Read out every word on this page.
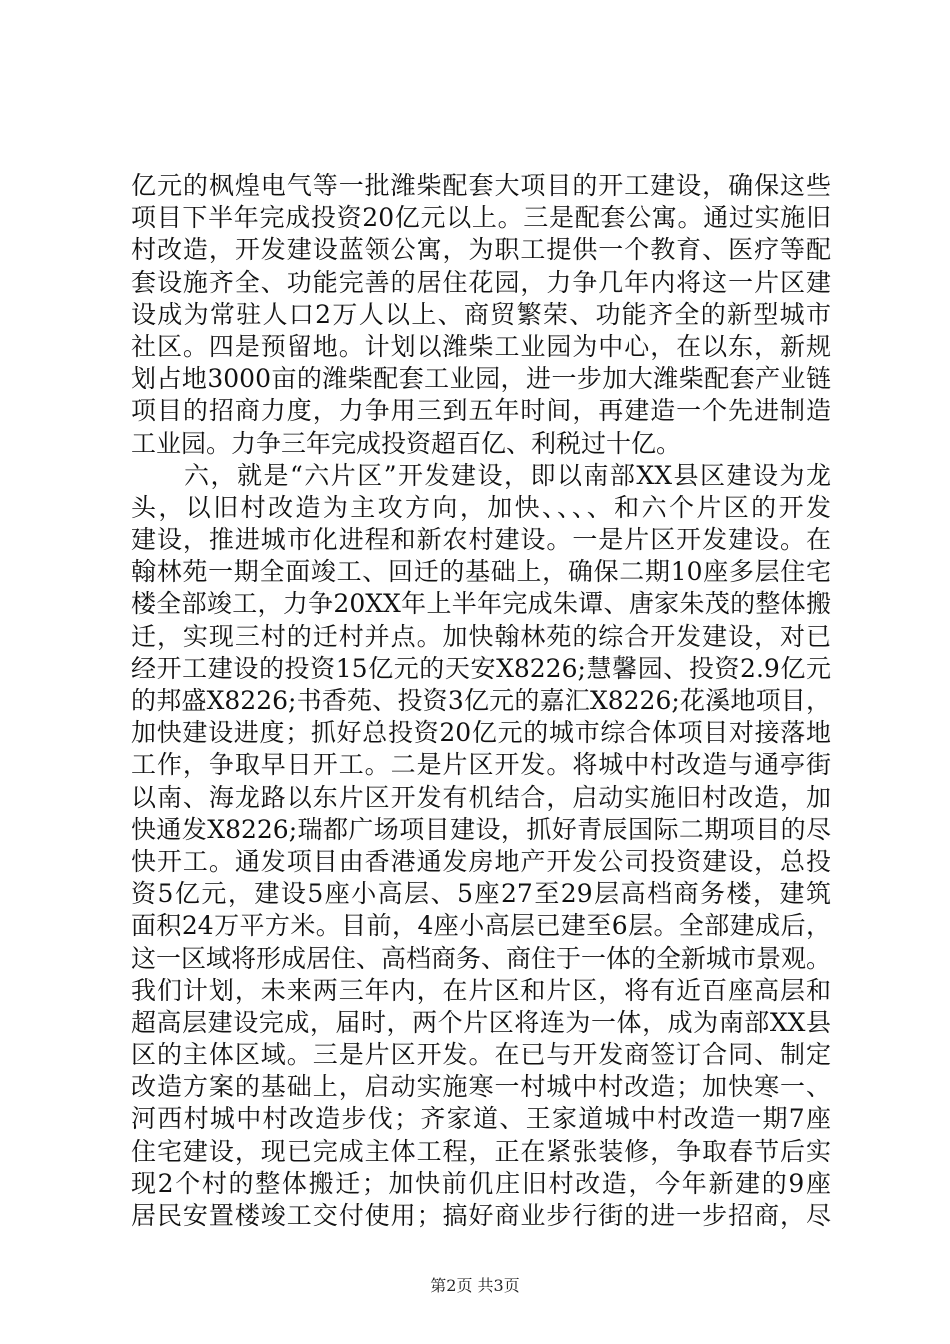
亿元的枫煌电气等一批潍柴配套大项目的开工建设，确保这些
项目下半年完成投资20亿元以上。三是配套公寓。通过实施旧
村改造，开发建设蓝领公寓，为职工提供一个教育、医疗等配
套设施齐全、功能完善的居住花园，力争几年内将这一片区建
设成为常驻人口2万人以上、商贸繁荣、功能齐全的新型城市
社区。四是预留地。计划以潍柴工业园为中心，在以东，新规
划占地3000亩的潍柴配套工业园，进一步加大潍柴配套产业链
项目的招商力度，力争用三到五年时间，再建造一个先进制造
工业园。力争三年完成投资超百亿、利税过十亿。
　　六，就是“六片区”开发建设，即以南部XX县区建设为龙
头，以旧村改造为主攻方向，加快、、、、和六个片区的开发
建设，推进城市化进程和新农村建设。一是片区开发建设。在
翰林苑一期全面竣工、回迁的基础上，确保二期10座多层住宅
楼全部竣工，力争20XX年上半年完成朱谭、唐家朱茂的整体搬
迁，实现三村的迁村并点。加快翰林苑的综合开发建设，对已
经开工建设的投资15亿元的天安X8226;慧馨园、投资2.9亿元
的邦盛X8226;书香苑、投资3亿元的嘉汇X8226;花溪地项目，
加快建设进度；抓好总投资20亿元的城市综合体项目对接落地
工作，争取早日开工。二是片区开发。将城中村改造与通亭街
以南、海龙路以东片区开发有机结合，启动实施旧村改造，加
快通发X8226;瑞都广场项目建设，抓好青辰国际二期项目的尽
快开工。通发项目由香港通发房地产开发公司投资建设，总投
资5亿元，建设5座小高层、5座27至29层高档商务楼，建筑
面积24万平方米。目前，4座小高层已建至6层。全部建成后，
这一区域将形成居住、高档商务、商住于一体的全新城市景观。
我们计划，未来两三年内，在片区和片区，将有近百座高层和
超高层建设完成，届时，两个片区将连为一体，成为南部XX县
区的主体区域。三是片区开发。在已与开发商签订合同、制定
改造方案的基础上，启动实施寒一村城中村改造；加快寒一、
河西村城中村改造步伐；齐家道、王家道城中村改造一期7座
住宅建设，现已完成主体工程，正在紧张装修，争取春节后实
现2个村的整体搬迁；加快前仉庄旧村改造，今年新建的9座
居民安置楼竣工交付使用；搞好商业步行街的进一步招商，尽
第2页 共3页
